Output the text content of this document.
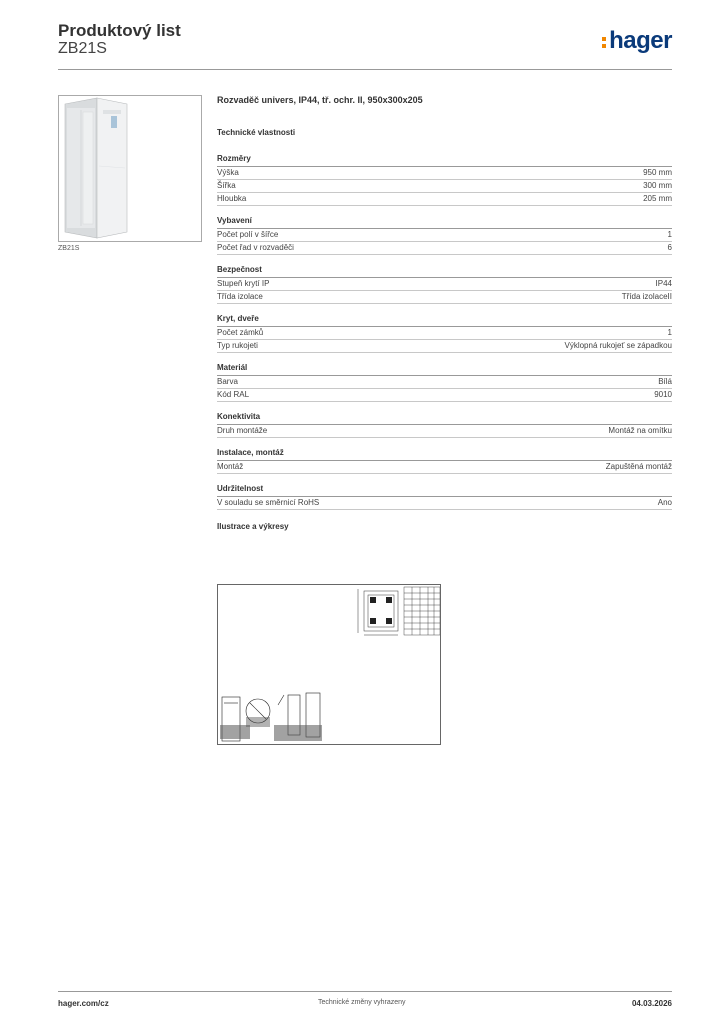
Produktový list
ZB21S	hager
ZB21S
Rozvaděč univers, IP44, tř. ochr. II, 950x300x205
Technické vlastnosti
Rozměry
Výška	950 mm
Šířka	300 mm
Hloubka	205 mm
Vybavení
Počet polí v šířce	1
Počet řad v rozvaděči	6
Bezpečnost
Stupeň krytí IP	IP44
Třída izolace	Třída izolaceII
Kryt, dveře
Počet zámků	1
Typ rukojeti	Výklopná rukojeť se západkou
Materiál
Barva	Bílá
Kód RAL	9010
Konektivita
Druh montáže	Montáž na omítku
Instalace, montáž
Montáž	Zapuštěná montáž
Udržitelnost
V souladu se směrnicí RoHS	Ano
Ilustrace a výkresy
hager.com/cz	Technické změny vyhrazeny	04.03.2026
